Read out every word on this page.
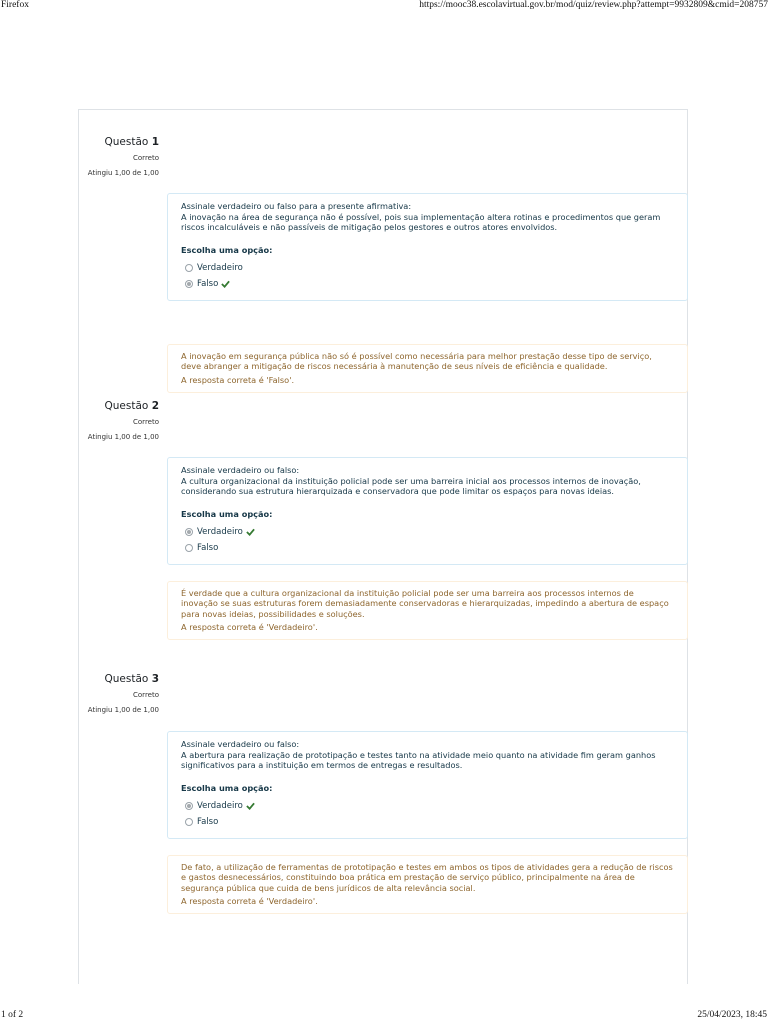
Firefox	https://mooc38.escolavirtual.gov.br/mod/quiz/review.php?attempt=9932809&cmid=208757

Questão 1

Correto
Atingiu 1,00 de 1,00
Assinale verdadeiro ou falso para a presente afirmativa:
A inovação na área de segurança não é possível, pois sua implementação altera rotinas e procedimentos que geram riscos incalculáveis e não passíveis de mitigação pelos gestores e outros atores envolvidos.
Escolha uma opção:
Verdadeiro
Falso
A inovação em segurança pública não só é possível como necessária para melhor prestação desse tipo de serviço, deve abranger a mitigação de riscos necessária à manutenção de seus níveis de eficiência e qualidade.
A resposta correta é 'Falso'.

Questão 2

Correto
Atingiu 1,00 de 1,00
Assinale verdadeiro ou falso:
A cultura organizacional da instituição policial pode ser uma barreira inicial aos processos internos de inovação, considerando sua estrutura hierarquizada e conservadora que pode limitar os espaços para novas ideias.
Escolha uma opção:
Verdadeiro
Falso
É verdade que a cultura organizacional da instituição policial pode ser uma barreira aos processos internos de inovação se suas estruturas forem demasiadamente conservadoras e hierarquizadas, impedindo a abertura de espaço para novas ideias, possibilidades e soluções.
A resposta correta é 'Verdadeiro'.

Questão 3

Correto
Atingiu 1,00 de 1,00
Assinale verdadeiro ou falso:
A abertura para realização de prototipação e testes tanto na atividade meio quanto na atividade fim geram ganhos significativos para a instituição em termos de entregas e resultados.
Escolha uma opção:
Verdadeiro
Falso
De fato, a utilização de ferramentas de prototipação e testes em ambos os tipos de atividades gera a redução de riscos e gastos desnecessários, constituindo boa prática em prestação de serviço público, principalmente na área de segurança pública que cuida de bens jurídicos de alta relevância social.
A resposta correta é 'Verdadeiro'.
1 of 2	25/04/2023, 18:45
